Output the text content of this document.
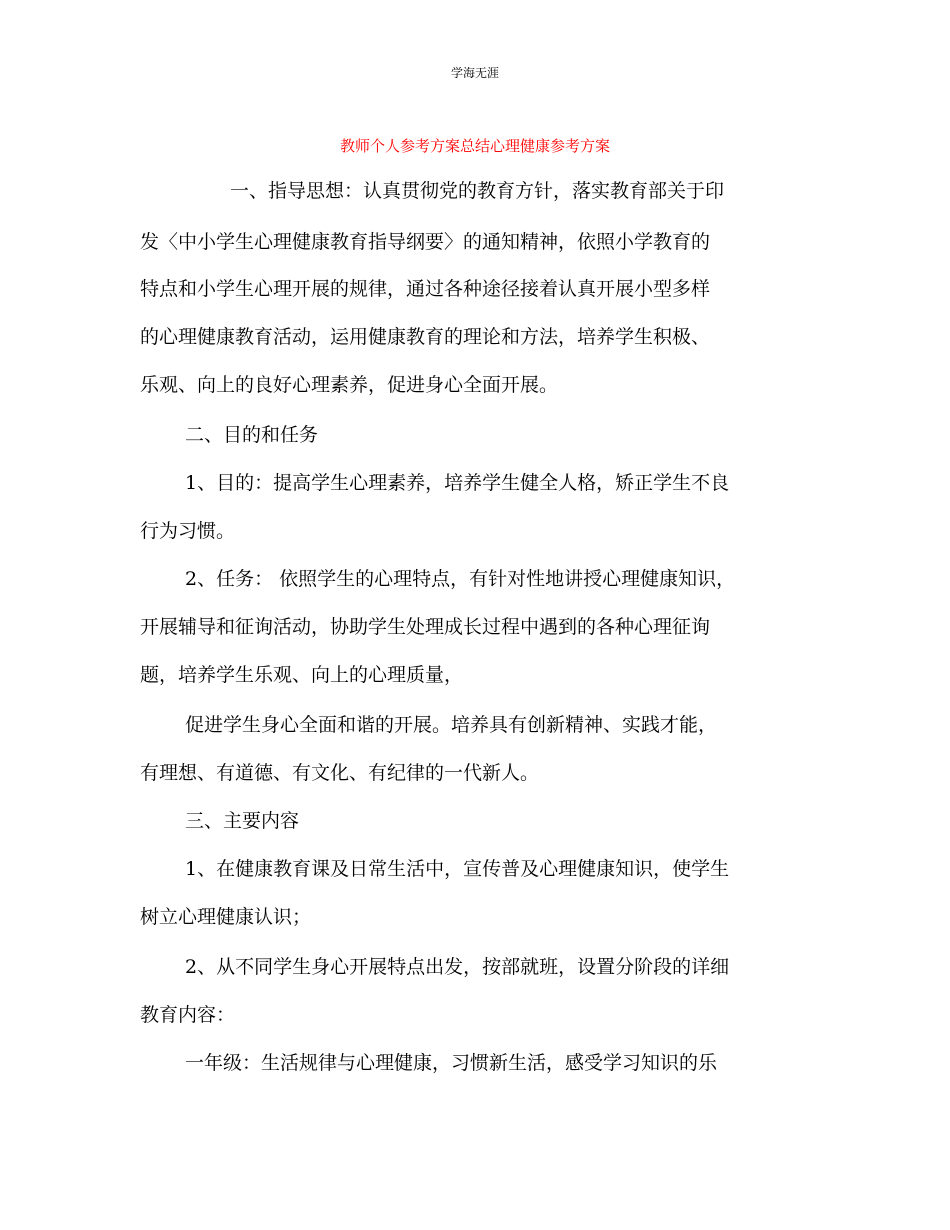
学海无涯
教师个人参考方案总结心理健康参考方案
一、指导思想：认真贯彻党的教育方针，落实教育部关于印
发〈中小学生心理健康教育指导纲要〉的通知精神，依照小学教育的
特点和小学生心理开展的规律，通过各种途径接着认真开展小型多样
的心理健康教育活动，运用健康教育的理论和方法，培养学生积极、
乐观、向上的良好心理素养，促进身心全面开展。
二、目的和任务
1、目的：提高学生心理素养，培养学生健全人格，矫正学生不良
行为习惯。
2、任务： 依照学生的心理特点，有针对性地讲授心理健康知识，
开展辅导和征询活动，协助学生处理成长过程中遇到的各种心理征询
题，培养学生乐观、向上的心理质量，
促进学生身心全面和谐的开展。培养具有创新精神、实践才能，
有理想、有道德、有文化、有纪律的一代新人。
三、主要内容
1、在健康教育课及日常生活中，宣传普及心理健康知识，使学生
树立心理健康认识；
2、从不同学生身心开展特点出发，按部就班，设置分阶段的详细
教育内容：
一年级：生活规律与心理健康，习惯新生活，感受学习知识的乐
